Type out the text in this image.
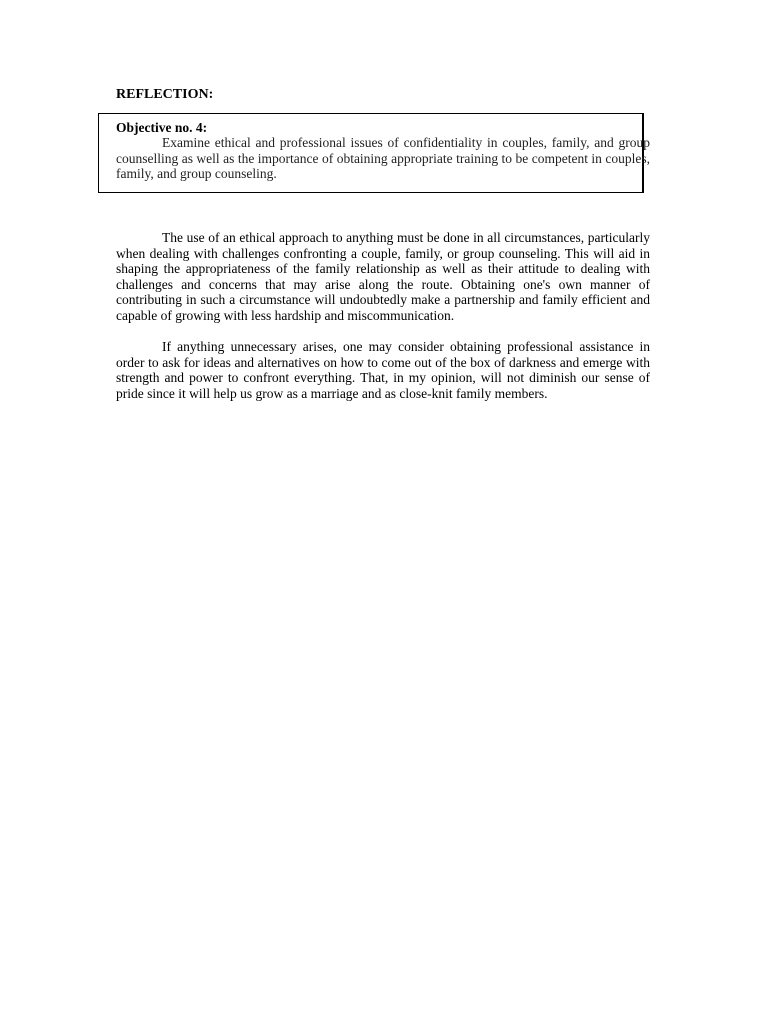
REFLECTION:

Objective no. 4:

Examine ethical and professional issues of confidentiality in couples, family, and group counselling as well as the importance of obtaining appropriate training to be competent in couples, family, and group counseling.

The use of an ethical approach to anything must be done in all circumstances, particularly when dealing with challenges confronting a couple, family, or group counseling. This will aid in shaping the appropriateness of the family relationship as well as their attitude to dealing with challenges and concerns that may arise along the route. Obtaining one's own manner of contributing in such a circumstance will undoubtedly make a partnership and family efficient and capable of growing with less hardship and miscommunication.

If anything unnecessary arises, one may consider obtaining professional assistance in order to ask for ideas and alternatives on how to come out of the box of darkness and emerge with strength and power to confront everything. That, in my opinion, will not diminish our sense of pride since it will help us grow as a marriage and as close-knit family members.
